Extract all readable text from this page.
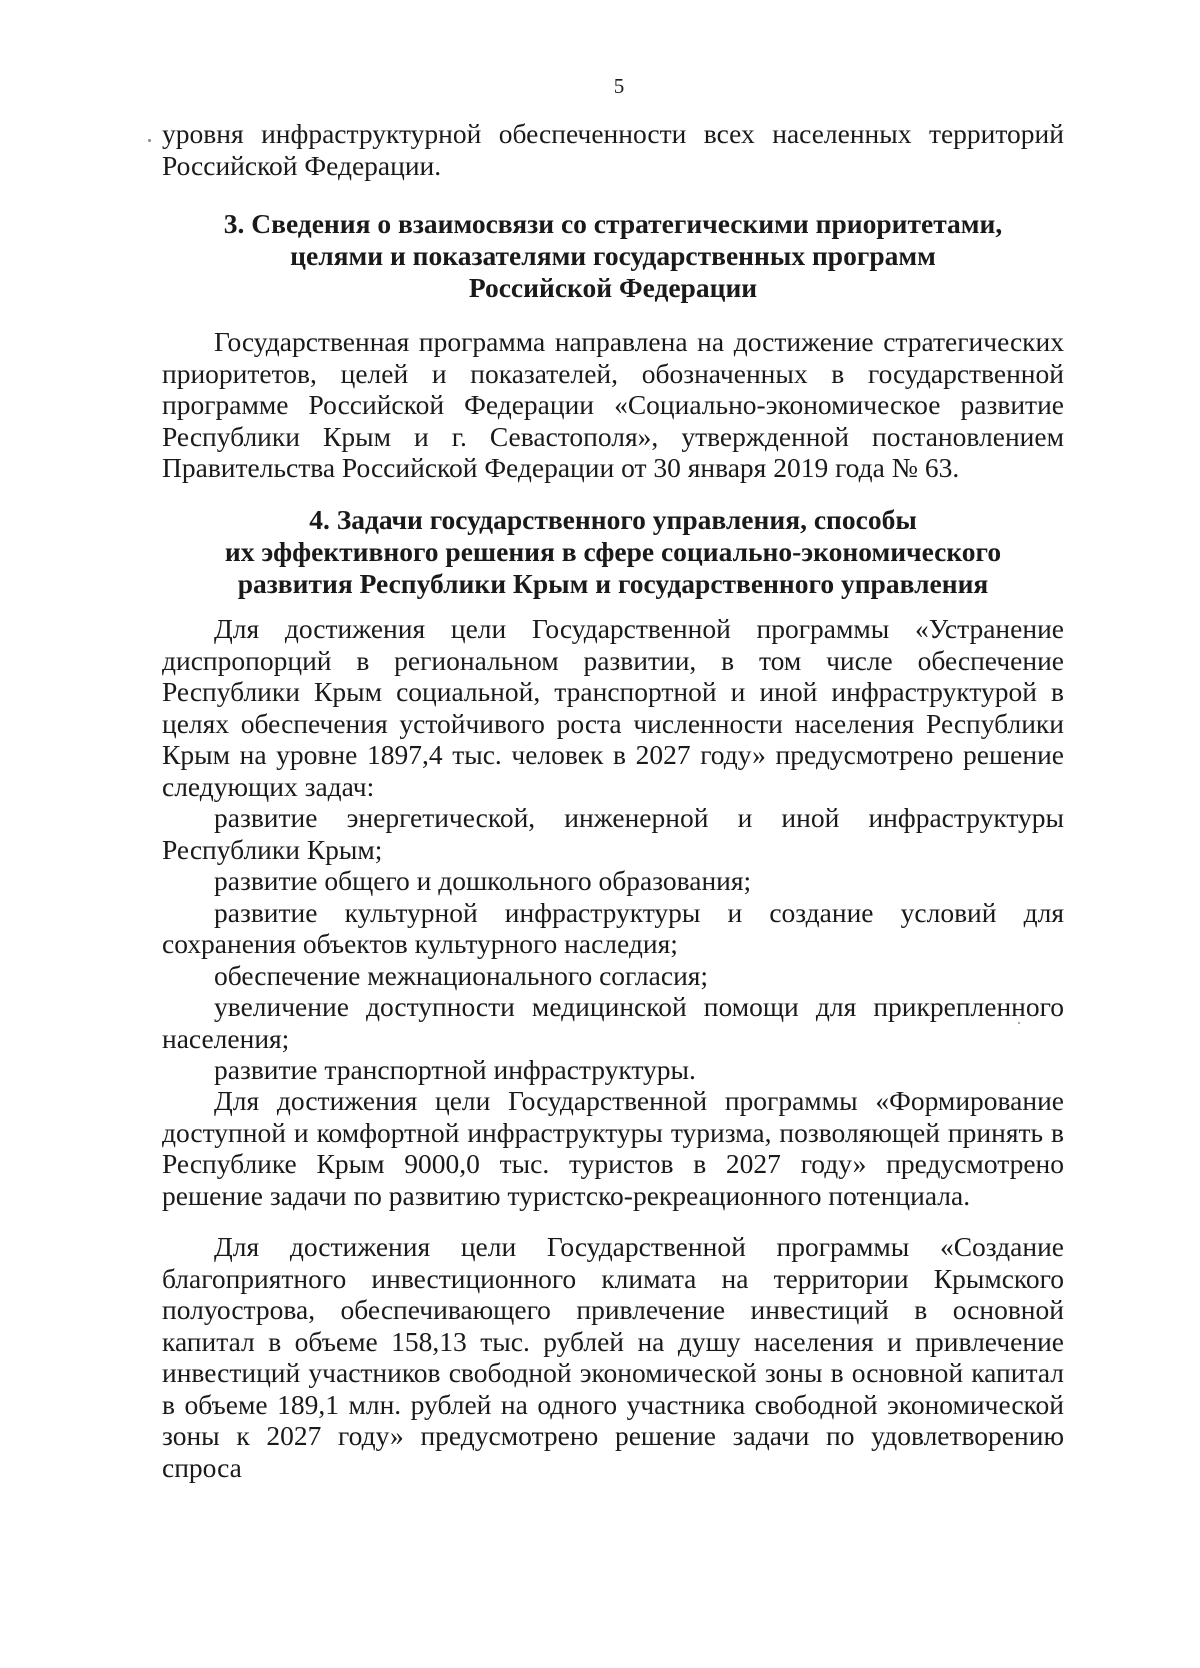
5

уровня инфраструктурной обеспеченности всех населенных территорий Российской Федерации.

3. Сведения о взаимосвязи со стратегическими приоритетами,
целями и показателями государственных программ
Российской Федерации

Государственная программа направлена на достижение стратегических приоритетов, целей и показателей, обозначенных в государственной программе Российской Федерации «Социально-экономическое развитие Республики Крым и г. Севастополя», утвержденной постановлением Правительства Российской Федерации от 30 января 2019 года № 63.

4. Задачи государственного управления, способы
их эффективного решения в сфере социально-экономического
развития Республики Крым и государственного управления

Для достижения цели Государственной программы «Устранение диспропорций в региональном развитии, в том числе обеспечение Республики Крым социальной, транспортной и иной инфраструктурой в целях обеспечения устойчивого роста численности населения Республики Крым на уровне 1897,4 тыс. человек в 2027 году» предусмотрено решение следующих задач:

развитие энергетической, инженерной и иной инфраструктуры Республики Крым;

развитие общего и дошкольного образования;

развитие культурной инфраструктуры и создание условий для сохранения объектов культурного наследия;

обеспечение межнационального согласия;

увеличение доступности медицинской помощи для прикрепленного населения;

развитие транспортной инфраструктуры.

Для достижения цели Государственной программы «Формирование доступной и комфортной инфраструктуры туризма, позволяющей принять в Республике Крым 9000,0 тыс. туристов в 2027 году» предусмотрено решение задачи по развитию туристско-рекреационного потенциала.

Для достижения цели Государственной программы «Создание благоприятного инвестиционного климата на территории Крымского полуострова, обеспечивающего привлечение инвестиций в основной капитал в объеме 158,13 тыс. рублей на душу населения и привлечение инвестиций участников свободной экономической зоны в основной капитал в объеме 189,1 млн. рублей на одного участника свободной экономической зоны к 2027 году» предусмотрено решение задачи по удовлетворению спроса
